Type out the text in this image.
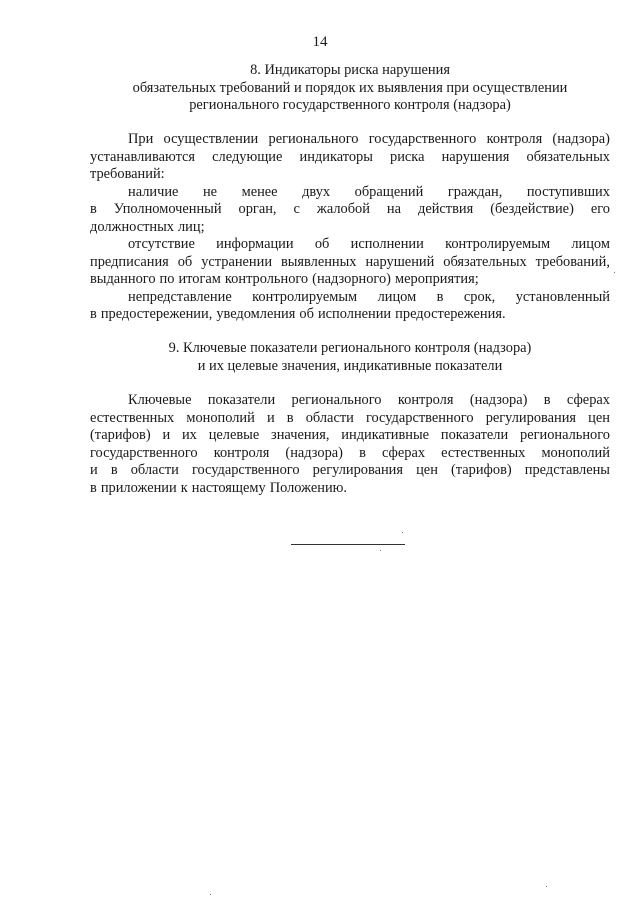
14
8. Индикаторы риска нарушения
обязательных требований и порядок их выявления при осуществлении
регионального государственного контроля (надзора)
При осуществлении регионального государственного контроля (надзора)
устанавливаются следующие индикаторы риска нарушения обязательных
требований:
наличие не менее двух обращений граждан, поступивших
в Уполномоченный орган, с жалобой на действия (бездействие) его
должностных лиц;
отсутствие информации об исполнении контролируемым лицом
предписания об устранении выявленных нарушений обязательных требований,
выданного по итогам контрольного (надзорного) мероприятия;
непредставление контролируемым лицом в срок, установленный
в предостережении, уведомления об исполнении предостережения.
9. Ключевые показатели регионального контроля (надзора)
и их целевые значения, индикативные показатели
Ключевые показатели регионального контроля (надзора) в сферах
естественных монополий и в области государственного регулирования цен
(тарифов) и их целевые значения, индикативные показатели регионального
государственного контроля (надзора) в сферах естественных монополий
и в области государственного регулирования цен (тарифов) представлены
в приложении к настоящему Положению.
